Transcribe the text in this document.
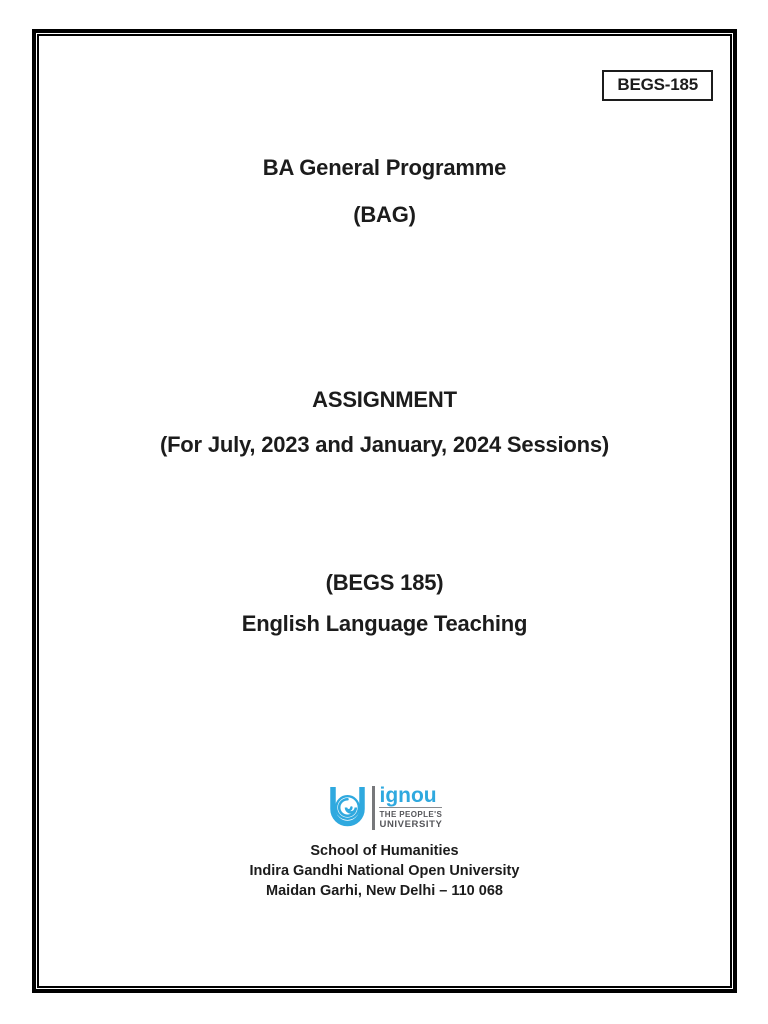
BEGS-185
BA General Programme
(BAG)
ASSIGNMENT
(For July, 2023 and January, 2024 Sessions)
(BEGS 185)
English Language Teaching
ignou
THE PEOPLE'S
UNIVERSITY
School of Humanities
Indira Gandhi National Open University
Maidan Garhi, New Delhi – 110 068
